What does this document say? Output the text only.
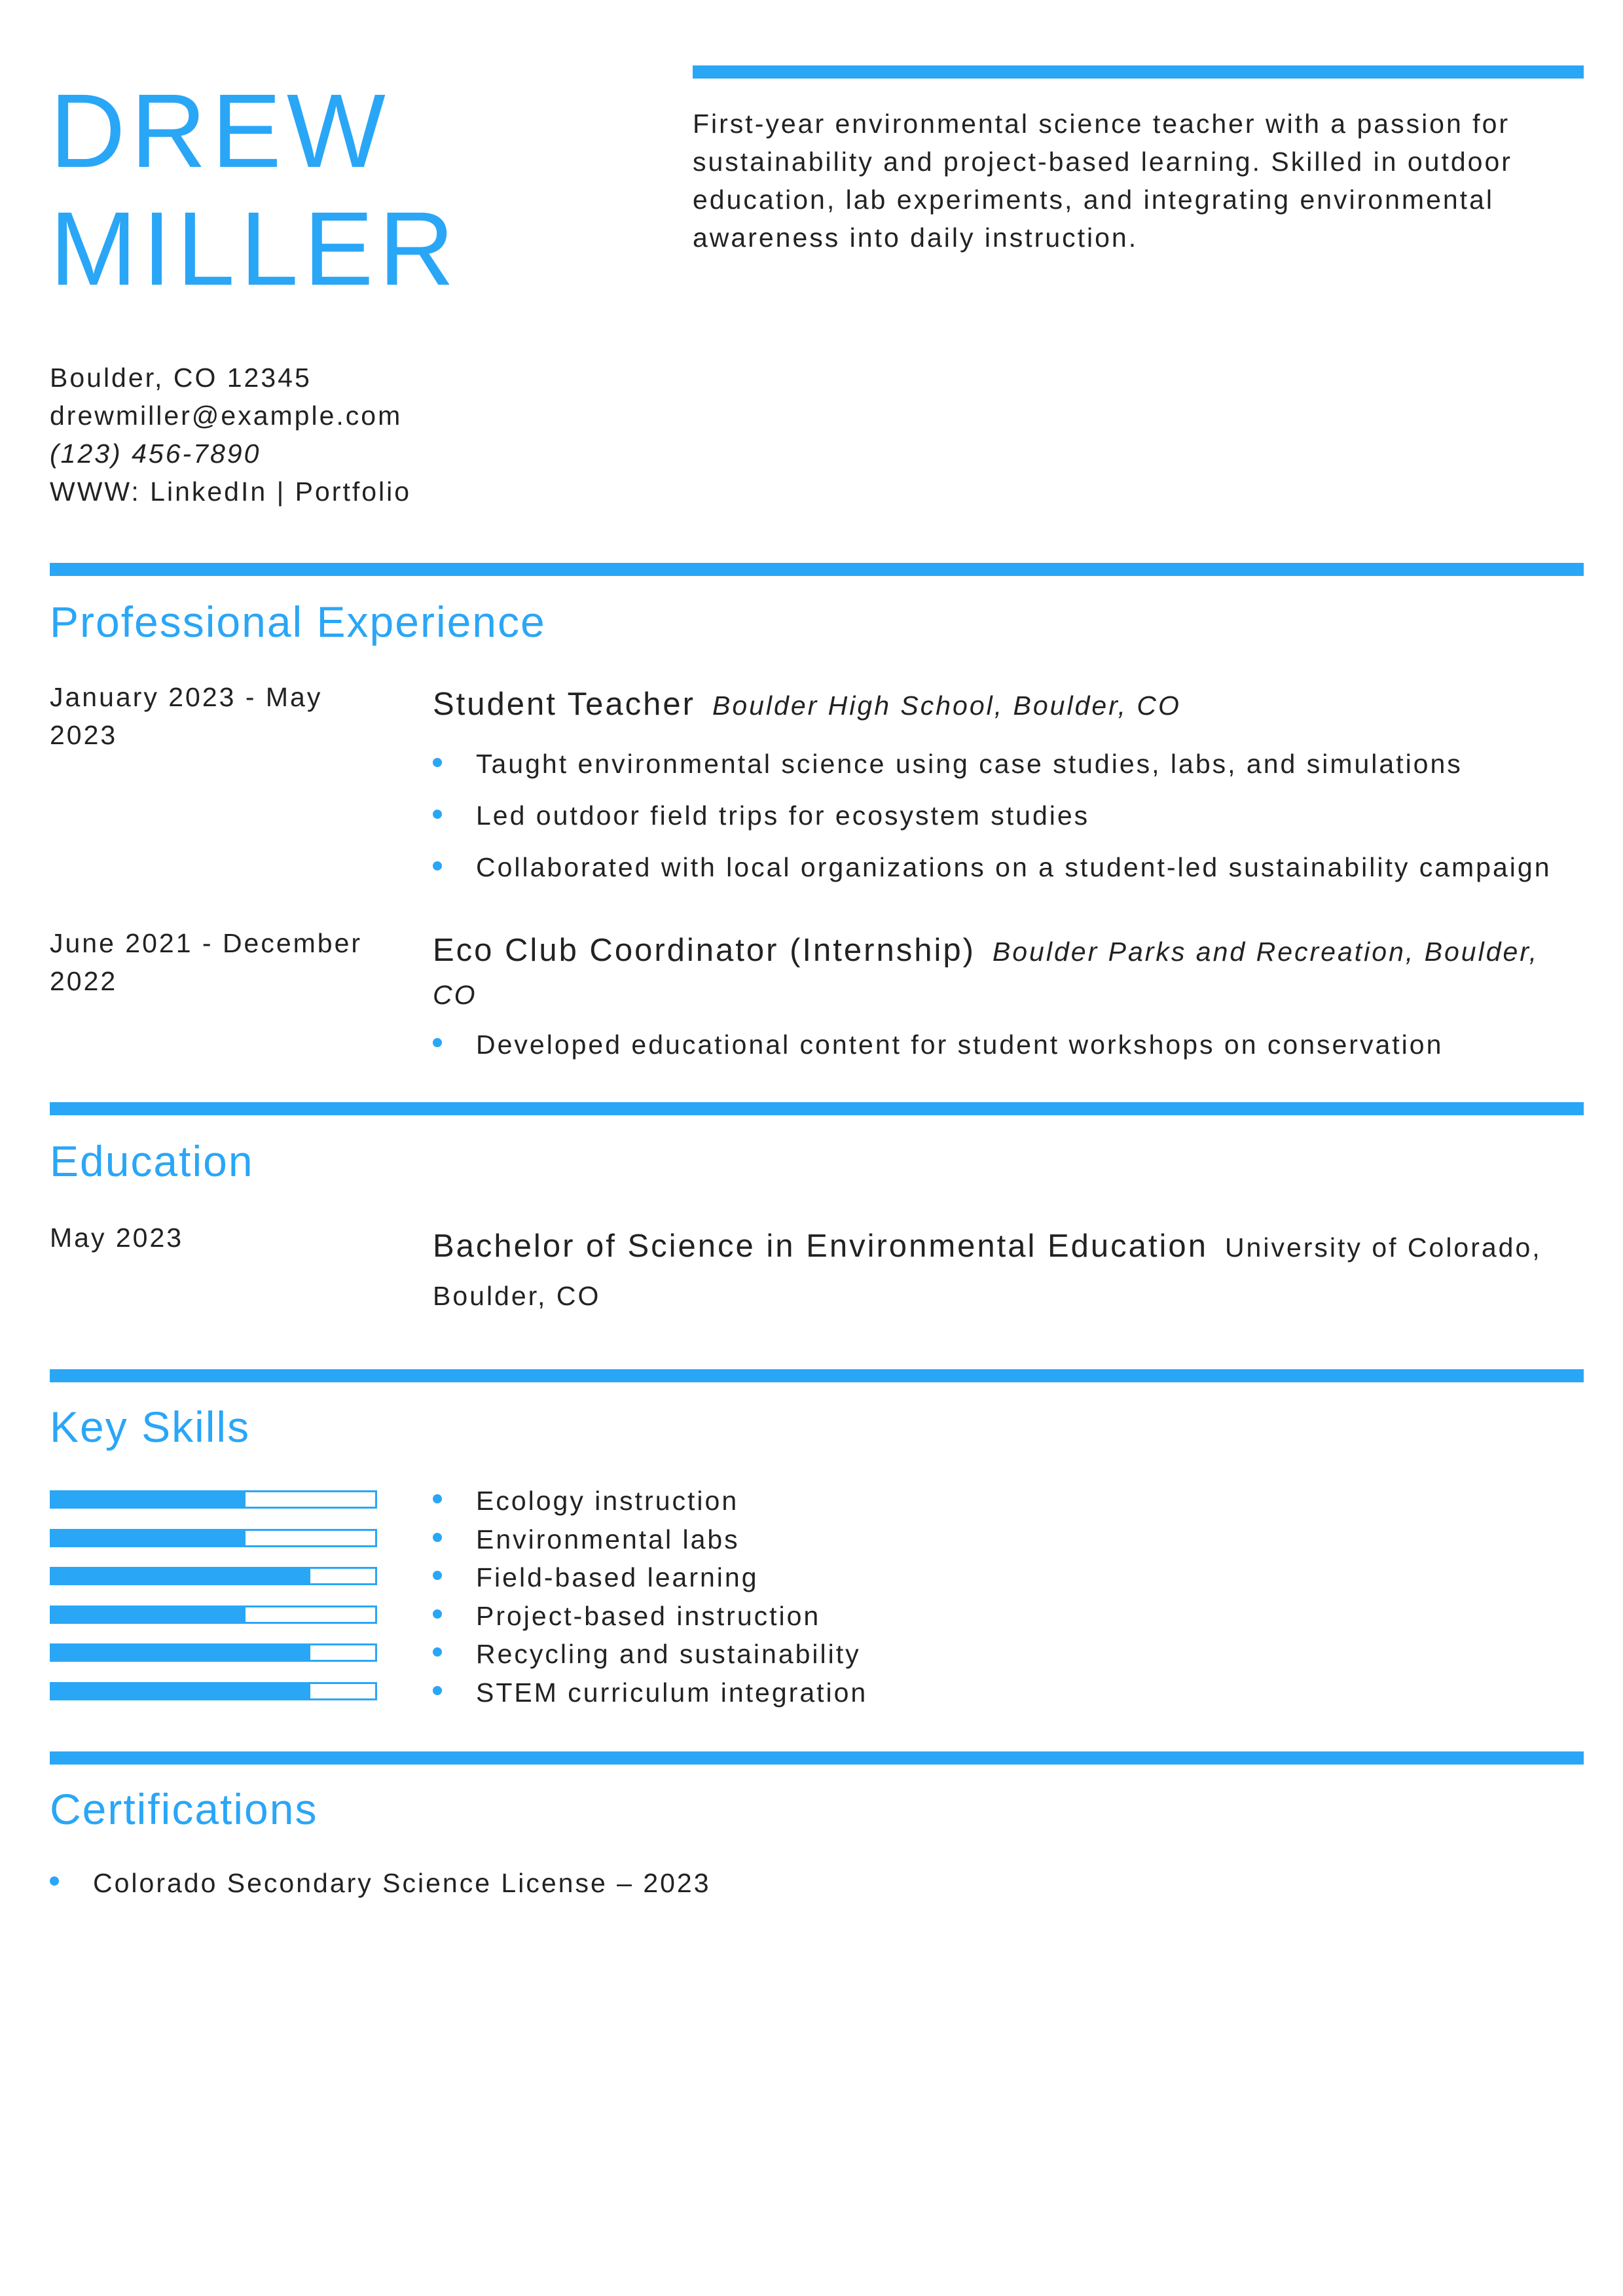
DREW
MILLER
First-year environmental science teacher with a passion for sustainability and project-based learning. Skilled in outdoor education, lab experiments, and integrating environmental awareness into daily instruction.
Boulder, CO 12345
drewmiller@example.com
(123) 456-7890
WWW: LinkedIn | Portfolio
Professional Experience
January 2023 - May 2023
Student Teacher Boulder High School, Boulder, CO
Taught environmental science using case studies, labs, and simulations
Led outdoor field trips for ecosystem studies
Collaborated with local organizations on a student-led sustainability campaign
June 2021 - December 2022
Eco Club Coordinator (Internship) Boulder Parks and Recreation, Boulder, CO
Developed educational content for student workshops on conservation
Education
May 2023	Bachelor of Science in Environmental Education University of Colorado, Boulder, CO
Key Skills
Ecology instruction
Environmental labs
Field-based learning
Project-based instruction
Recycling and sustainability
STEM curriculum integration
Certifications
Colorado Secondary Science License – 2023
